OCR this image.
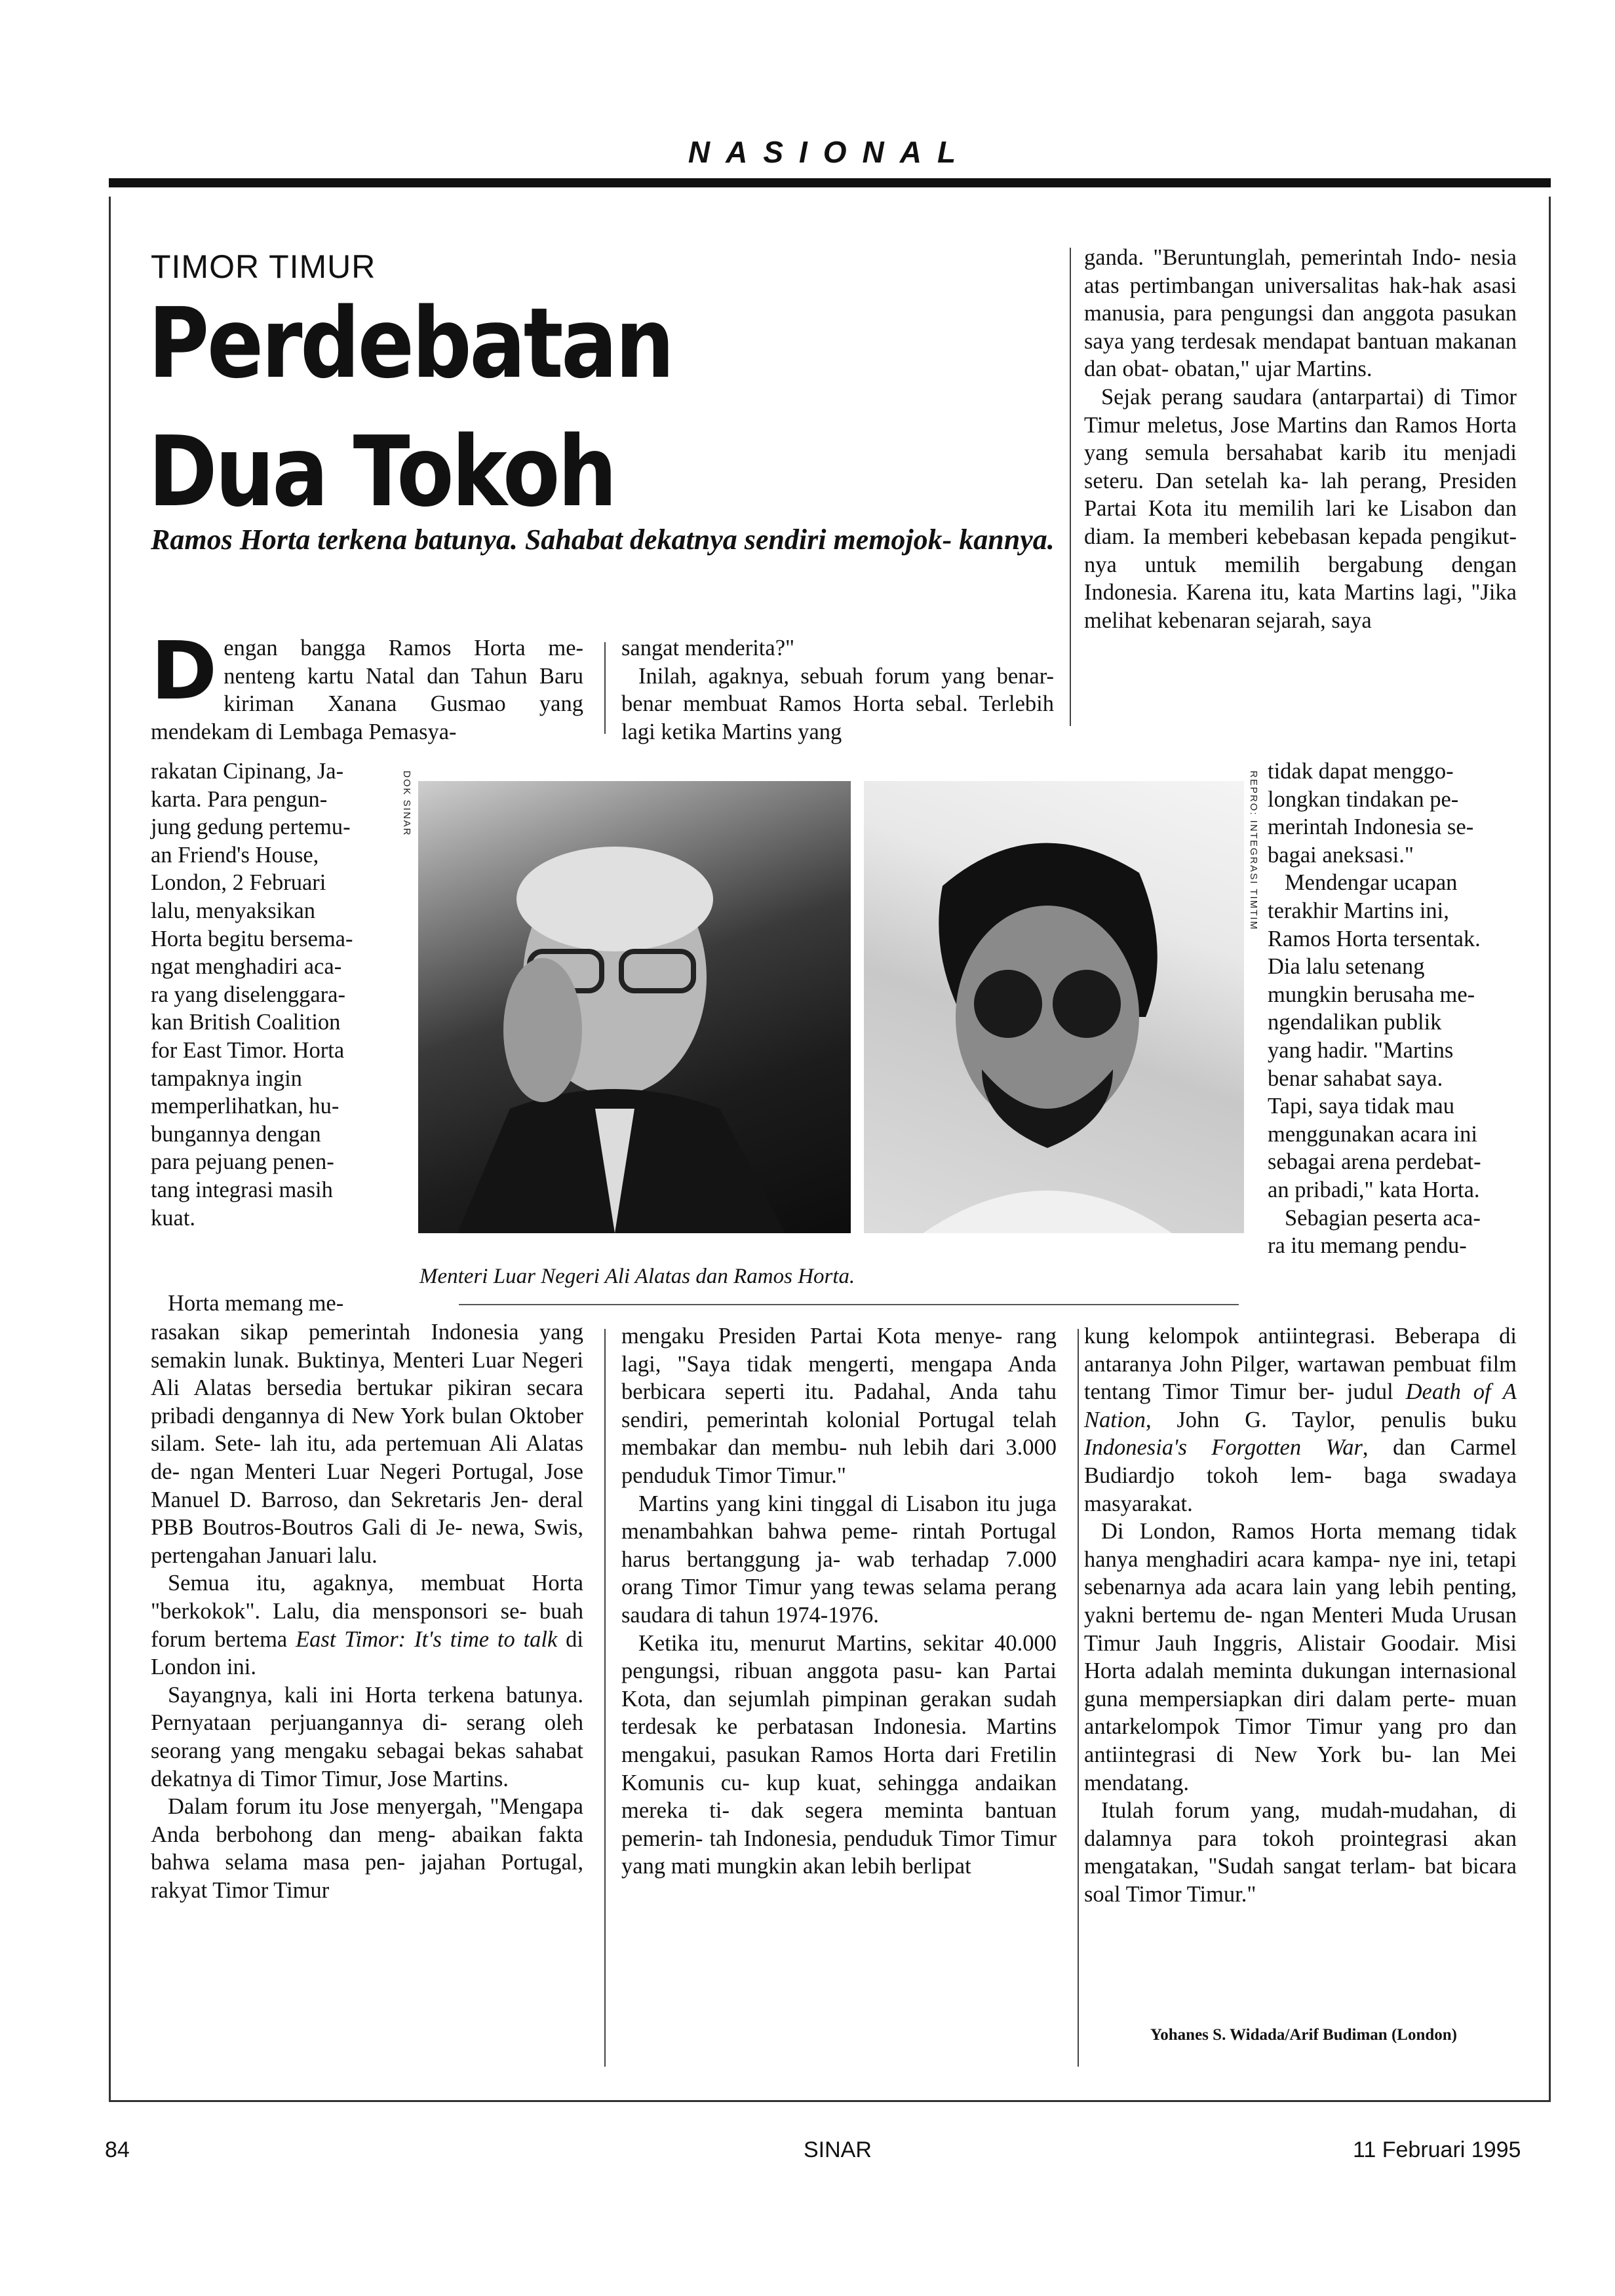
NASIONAL
TIMOR TIMUR
Perdebatan
Dua Tokoh
Ramos Horta terkena batunya. Sahabat dekatnya sendiri memojok- kannya.

Dengan bangga Ramos Horta me- nenteng kartu Natal dan Tahun Baru kiriman Xanana Gusmao yang mendekam di Lembaga Pemasya-

rakatan Cipinang, Ja-
karta. Para pengun-
jung gedung pertemu-
an Friend's House,
London, 2 Februari
lalu, menyaksikan
Horta begitu bersema-
ngat menghadiri aca-
ra yang diselenggara-
kan British Coalition
for East Timor. Horta
tampaknya ingin
memperlihatkan, hu-
bungannya dengan
para pejuang penen-
tang integrasi masih
kuat.

Horta memang me-

rasakan sikap pemerintah Indonesia yang semakin lunak. Buktinya, Menteri Luar Negeri Ali Alatas bersedia bertukar pikiran secara pribadi dengannya di New York bulan Oktober silam. Sete- lah itu, ada pertemuan Ali Alatas de- ngan Menteri Luar Negeri Portugal, Jose Manuel D. Barroso, dan Sekretaris Jen- deral PBB Boutros-Boutros Gali di Je- newa, Swis, pertengahan Januari lalu.

Semua itu, agaknya, membuat Horta "berkokok". Lalu, dia mensponsori se- buah forum bertema East Timor: It's time to talk di London ini.

Sayangnya, kali ini Horta terkena batunya. Pernyataan perjuangannya di- serang oleh seorang yang mengaku sebagai bekas sahabat dekatnya di Timor Timur, Jose Martins.

Dalam forum itu Jose menyergah, "Mengapa Anda berbohong dan meng- abaikan fakta bahwa selama masa pen- jajahan Portugal, rakyat Timor Timur

sangat menderita?"

Inilah, agaknya, sebuah forum yang benar-benar membuat Ramos Horta sebal. Terlebih lagi ketika Martins yang

mengaku Presiden Partai Kota menye- rang lagi, "Saya tidak mengerti, mengapa Anda berbicara seperti itu. Padahal, Anda tahu sendiri, pemerintah kolonial Portugal telah membakar dan membu- nuh lebih dari 3.000 penduduk Timor Timur."

Martins yang kini tinggal di Lisabon itu juga menambahkan bahwa peme- rintah Portugal harus bertanggung ja- wab terhadap 7.000 orang Timor Timur yang tewas selama perang saudara di tahun 1974-1976.

Ketika itu, menurut Martins, sekitar 40.000 pengungsi, ribuan anggota pasu- kan Partai Kota, dan sejumlah pimpinan gerakan sudah terdesak ke perbatasan Indonesia. Martins mengakui, pasukan Ramos Horta dari Fretilin Komunis cu- kup kuat, sehingga andaikan mereka ti- dak segera meminta bantuan pemerin- tah Indonesia, penduduk Timor Timur yang mati mungkin akan lebih berlipat

ganda. "Beruntunglah, pemerintah Indo- nesia atas pertimbangan universalitas hak-hak asasi manusia, para pengungsi dan anggota pasukan saya yang terdesak mendapat bantuan makanan dan obat- obatan," ujar Martins.

Sejak perang saudara (antarpartai) di Timor Timur meletus, Jose Martins dan Ramos Horta yang semula bersahabat karib itu menjadi seteru. Dan setelah ka- lah perang, Presiden Partai Kota itu memilih lari ke Lisabon dan diam. Ia memberi kebebasan kepada pengikut- nya untuk memilih bergabung dengan Indonesia. Karena itu, kata Martins lagi, "Jika melihat kebenaran sejarah, saya

tidak dapat menggo-
longkan tindakan pe-
merintah Indonesia se-
bagai aneksasi."
Mendengar ucapan
terakhir Martins ini,
Ramos Horta tersentak.
Dia lalu setenang
mungkin berusaha me-
ngendalikan publik
yang hadir. "Martins
benar sahabat saya.
Tapi, saya tidak mau
menggunakan acara ini
sebagai arena perdebat-
an pribadi," kata Horta.
Sebagian peserta aca-
ra itu memang pendu-

kung kelompok antiintegrasi. Beberapa di antaranya John Pilger, wartawan pembuat film tentang Timor Timur ber- judul Death of A Nation, John G. Taylor, penulis buku Indonesia's Forgotten War, dan Carmel Budiardjo tokoh lem- baga swadaya masyarakat.

Di London, Ramos Horta memang tidak hanya menghadiri acara kampa- nye ini, tetapi sebenarnya ada acara lain yang lebih penting, yakni bertemu de- ngan Menteri Muda Urusan Timur Jauh Inggris, Alistair Goodair. Misi Horta adalah meminta dukungan internasional guna mempersiapkan diri dalam perte- muan antarkelompok Timor Timur yang pro dan antiintegrasi di New York bu- lan Mei mendatang.

Itulah forum yang, mudah-mudahan, di dalamnya para tokoh prointegrasi akan mengatakan, "Sudah sangat terlam- bat bicara soal Timor Timur."

Yohanes S. Widada/Arif Budiman (London)
DOK SINAR	REPRO: INTEGRASI TIMTIM
Menteri Luar Negeri Ali Alatas dan Ramos Horta.
84	SINAR	11 Februari 1995
